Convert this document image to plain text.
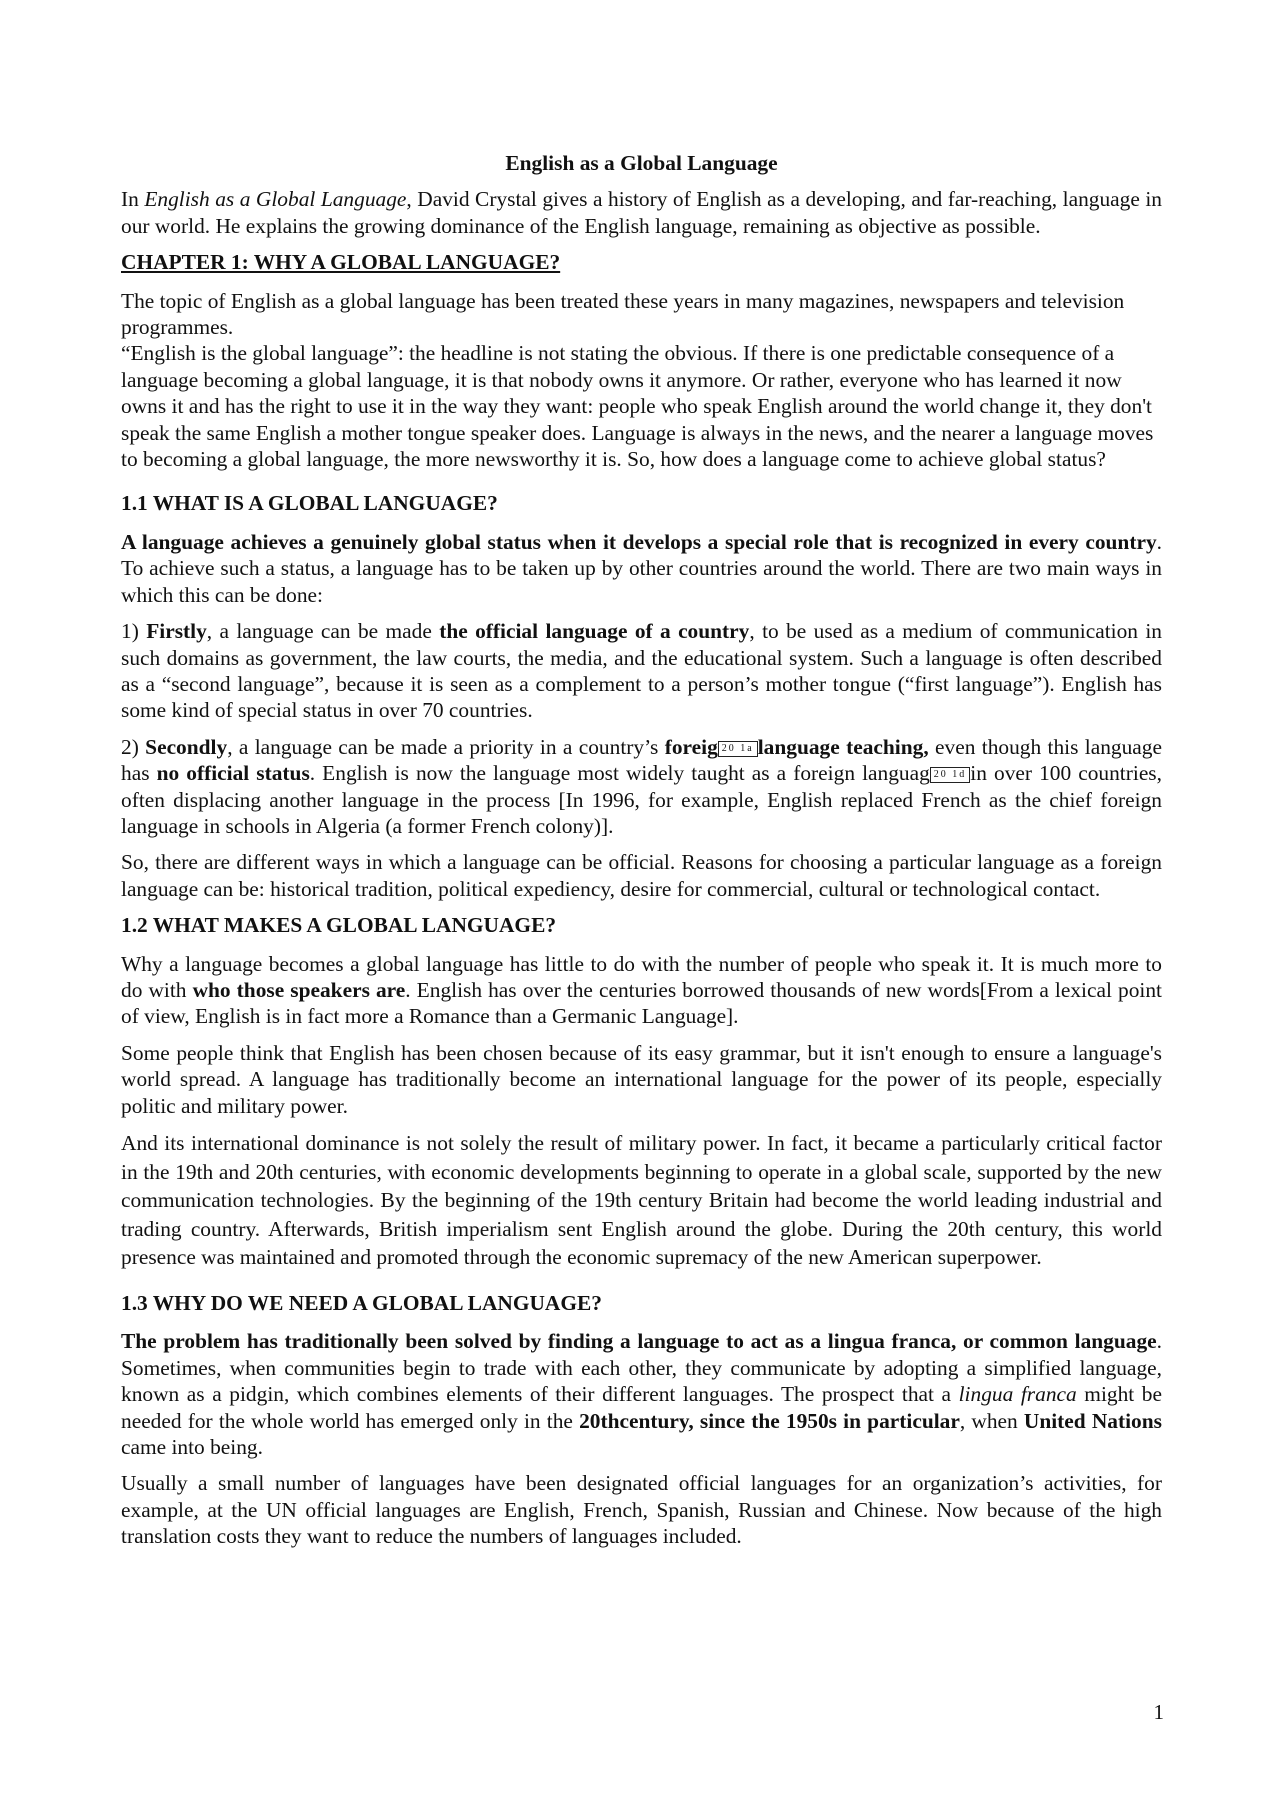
English as a Global Language

In English as a Global Language, David Crystal gives a history of English as a developing, and far-reaching, language in our world. He explains the growing dominance of the English language, remaining as objective as possible.

CHAPTER 1: WHY A GLOBAL LANGUAGE?

The topic of English as a global language has been treated these years in many magazines, newspapers and television programmes.

“English is the global language”: the headline is not stating the obvious. If there is one predictable consequence of a language becoming a global language, it is that nobody owns it anymore. Or rather, everyone who has learned it now owns it and has the right to use it in the way they want: people who speak English around the world change it, they don't speak the same English a mother tongue speaker does. Language is always in the news, and the nearer a language moves to becoming a global language, the more newsworthy it is. So, how does a language come to achieve global status?

1.1 WHAT IS A GLOBAL LANGUAGE?

A language achieves a genuinely global status when it develops a special role that is recognized in every country. To achieve such a status, a language has to be taken up by other countries around the world. There are two main ways in which this can be done:

1) Firstly, a language can be made the official language of a country, to be used as a medium of communication in such domains as government, the law courts, the media, and the educational system. Such a language is often described as a “second language”, because it is seen as a complement to a person’s mother tongue (“first language”). English has some kind of special status in over 70 countries.

2) Secondly, a language can be made a priority in a country’s foreig 20 1a language teaching, even though this language has no official status. English is now the language most widely taught as a foreign languag 20 1d in over 100 countries, often displacing another language in the process [In 1996, for example, English replaced French as the chief foreign language in schools in Algeria (a former French colony)].

So, there are different ways in which a language can be official. Reasons for choosing a particular language as a foreign language can be: historical tradition, political expediency, desire for commercial, cultural or technological contact.

1.2 WHAT MAKES A GLOBAL LANGUAGE?

Why a language becomes a global language has little to do with the number of people who speak it. It is much more to do with who those speakers are. English has over the centuries borrowed thousands of new words[From a lexical point of view, English is in fact more a Romance than a Germanic Language].

Some people think that English has been chosen because of its easy grammar, but it isn't enough to ensure a language's world spread. A language has traditionally become an international language for the power of its people, especially politic and military power.

And its international dominance is not solely the result of military power. In fact, it became a particularly critical factor in the 19th and 20th centuries, with economic developments beginning to operate in a global scale, supported by the new communication technologies. By the beginning of the 19th century Britain had become the world leading industrial and trading country. Afterwards, British imperialism sent English around the globe. During the 20th century, this world presence was maintained and promoted through the economic supremacy of the new American superpower.

1.3 WHY DO WE NEED A GLOBAL LANGUAGE?

The problem has traditionally been solved by finding a language to act as a lingua franca, or common language. Sometimes, when communities begin to trade with each other, they communicate by adopting a simplified language, known as a pidgin, which combines elements of their different languages. The prospect that a lingua franca might be needed for the whole world has emerged only in the 20thcentury, since the 1950s in particular, when United Nations came into being.

Usually a small number of languages have been designated official languages for an organization’s activities, for example, at the UN official languages are English, French, Spanish, Russian and Chinese. Now because of the high translation costs they want to reduce the numbers of languages included.

1
